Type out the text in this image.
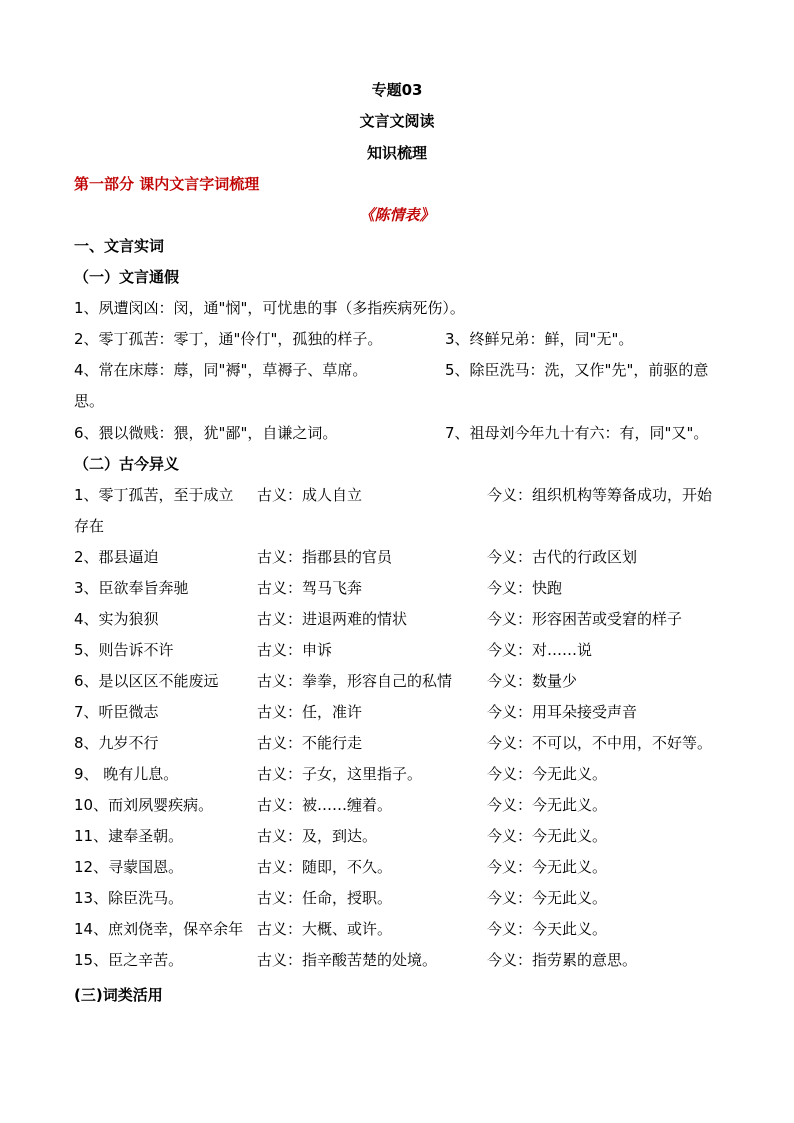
专题03
文言文阅读
知识梳理
第一部分 课内文言字词梳理
《陈情表》
一、文言实词
（一）文言通假
1、夙遭闵凶：闵，通"悯"，可忧患的事（多指疾病死伤）。
2、零丁孤苦：零丁，通"伶仃"，孤独的样子。	3、终鲜兄弟：鲜，同"无"。
4、常在床蓐：蓐，同"褥"，草褥子、草席。	5、除臣洗马：洗，又作"先"，前驱的意
思。
6、猥以微贱：猥，犹"鄙"，自谦之词。	7、祖母刘今年九十有六：有，同"又"。
（二）古今异义
1、零丁孤苦，至于成立 古义：成人自立	今义：组织机构等筹备成功，开始
存在
2、郡县逼迫	古义：指郡县的官员	今义：古代的行政区划
3、臣欲奉旨奔驰	古义：驾马飞奔	今义：快跑
4、实为狼狈	古义：进退两难的情状	今义：形容困苦或受窘的样子
5、则告诉不许	古义：申诉	今义：对……说
6、是以区区不能废远	古义：拳拳，形容自己的私情 今义：数量少
7、听臣微志	古义：任，准许	今义：用耳朵接受声音
8、九岁不行	古义：不能行走	今义：不可以，不中用，不好等。
9、 晚有儿息。	古义：子女，这里指子。	今义：今无此义。
10、而刘夙婴疾病。	古义：被……缠着。	今义：今无此义。
11、逮奉圣朝。	古义：及，到达。	今义：今无此义。
12、寻蒙国恩。	古义：随即，不久。	今义：今无此义。
13、除臣洗马。	古义：任命，授职。	今义：今无此义。
14、庶刘侥幸，保卒余年 古义：大概、或许。	今义：今天此义。
15、臣之辛苦。	古义：指辛酸苦楚的处境。	今义：指劳累的意思。
(三)词类活用
